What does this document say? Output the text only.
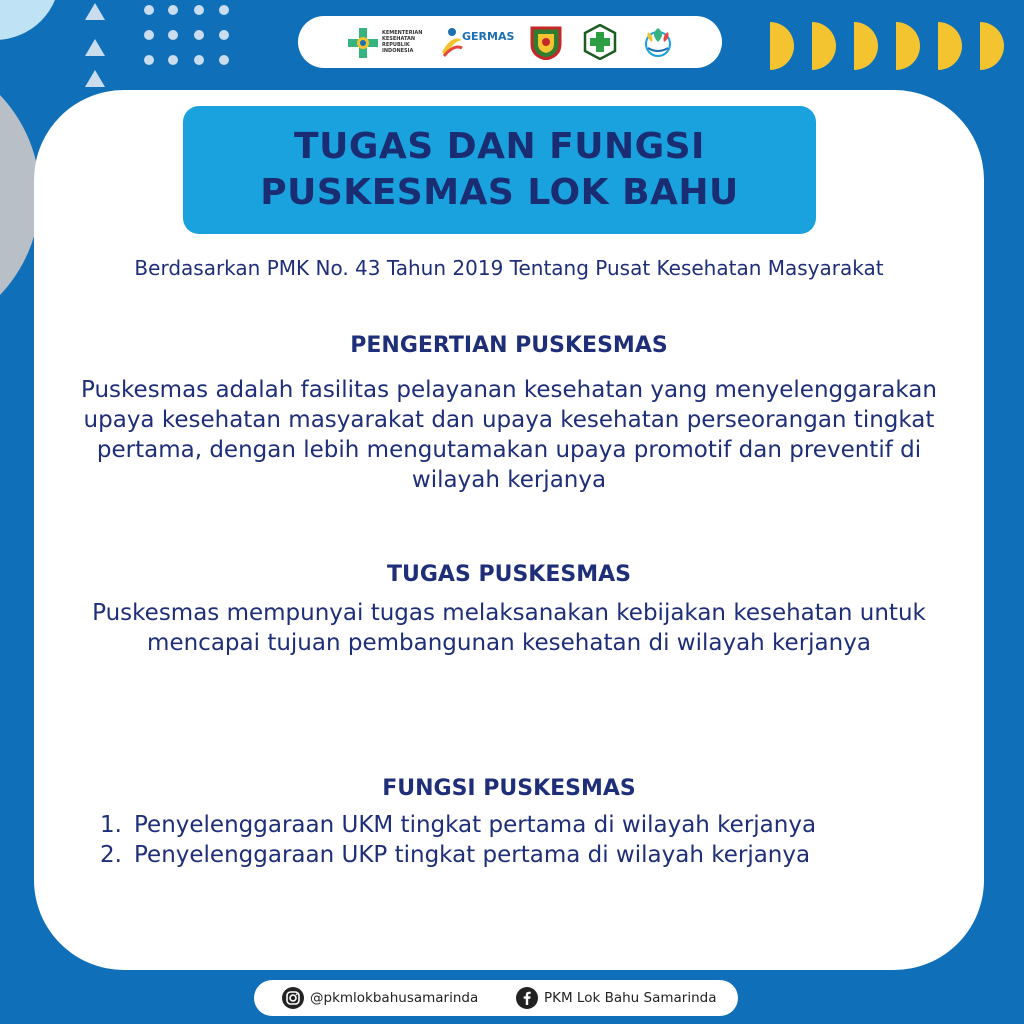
KEMENTERIAN
KESEHATAN
REPUBLIK
INDONESIA
GERMAS
TUGAS DAN FUNGSI
PUSKESMAS LOK BAHU
Berdasarkan PMK No. 43 Tahun 2019 Tentang Pusat Kesehatan Masyarakat
PENGERTIAN PUSKESMAS
Puskesmas adalah fasilitas pelayanan kesehatan yang menyelenggarakan upaya kesehatan masyarakat dan upaya kesehatan perseorangan tingkat pertama, dengan lebih mengutamakan upaya promotif dan preventif di wilayah kerjanya
TUGAS PUSKESMAS
Puskesmas mempunyai tugas melaksanakan kebijakan kesehatan untuk mencapai tujuan pembangunan kesehatan di wilayah kerjanya
FUNGSI PUSKESMAS
1. Penyelenggaraan UKM tingkat pertama di wilayah kerjanya
2. Penyelenggaraan UKP tingkat pertama di wilayah kerjanya
@pkmlokbahusamarinda	PKM Lok Bahu Samarinda
